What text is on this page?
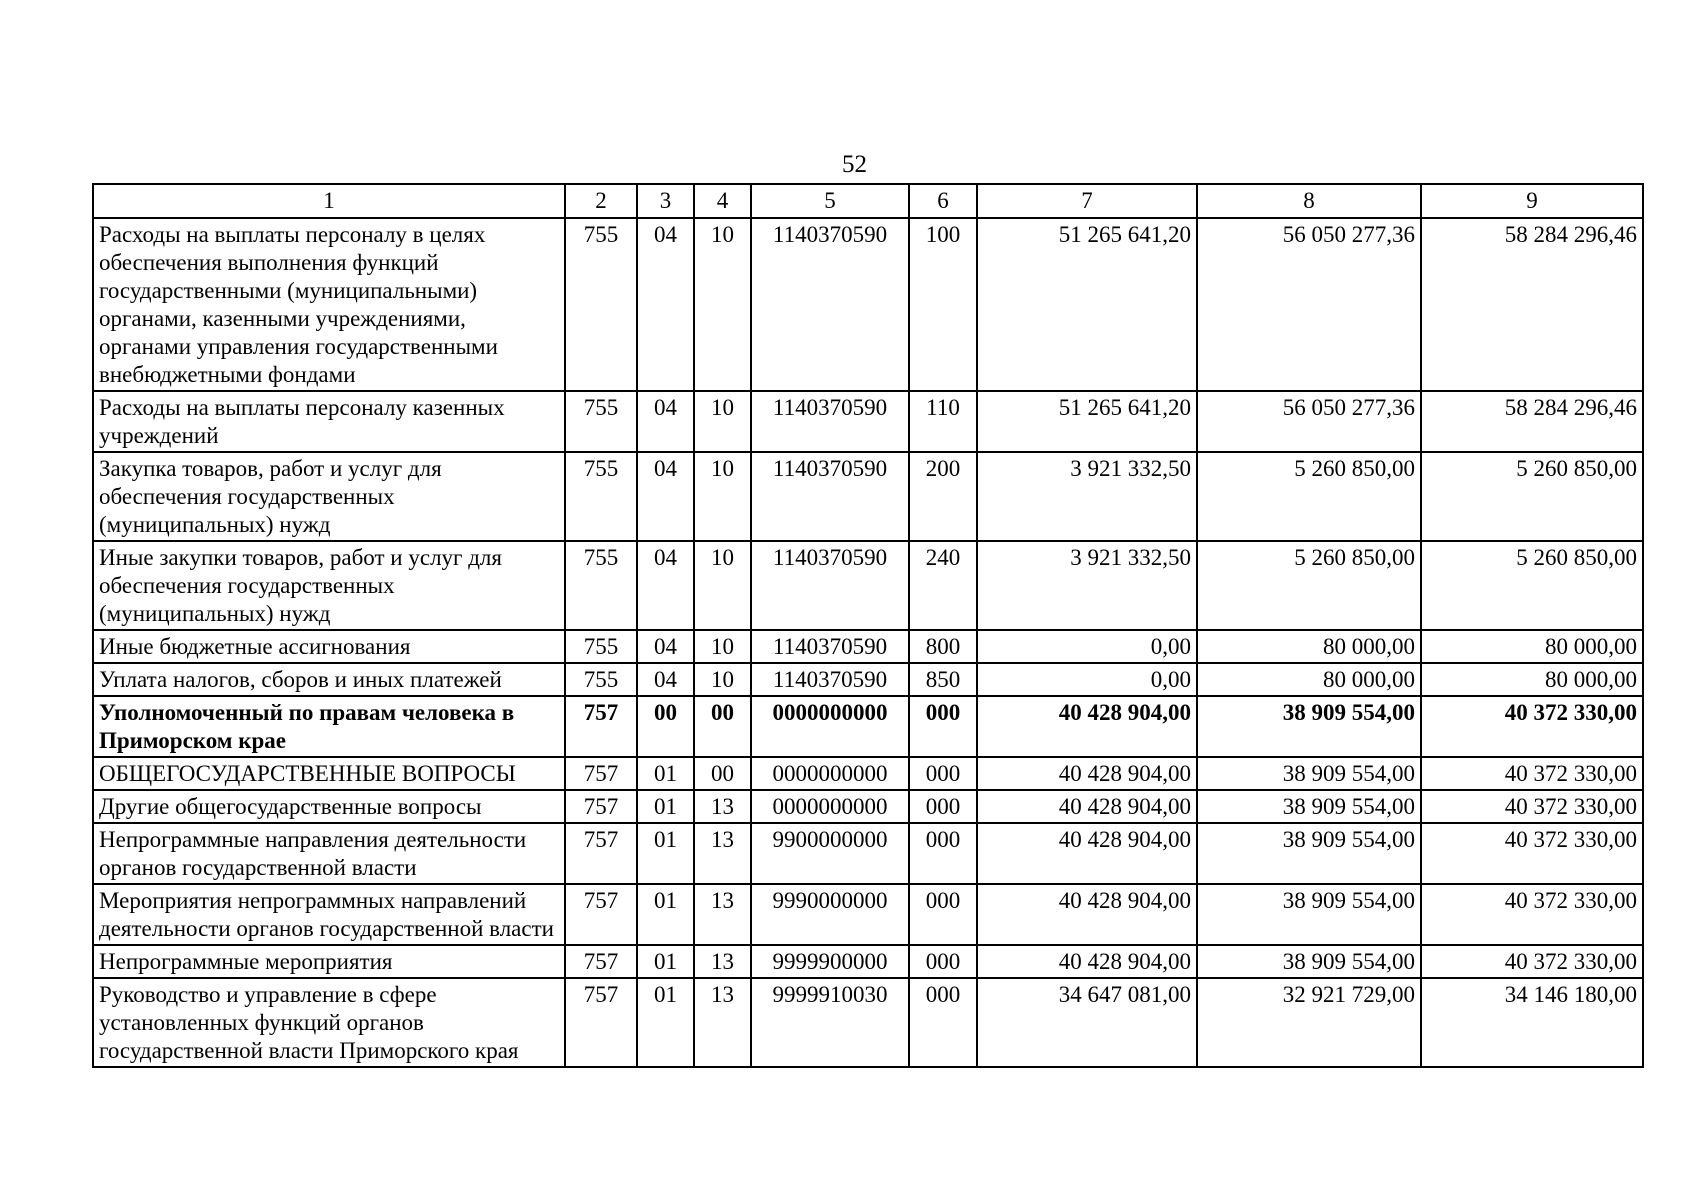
52
1	2	3	4	5	6	7	8	9
Расходы на выплаты персоналу в целях обеспечения выполнения функций государственными (муниципальными) органами, казенными учреждениями, органами управления государственными внебюджетными фондами	755	04	10	1140370590	100	51 265 641,20	56 050 277,36	58 284 296,46
Расходы на выплаты персоналу казенных учреждений	755	04	10	1140370590	110	51 265 641,20	56 050 277,36	58 284 296,46
Закупка товаров, работ и услуг для обеспечения государственных (муниципальных) нужд	755	04	10	1140370590	200	3 921 332,50	5 260 850,00	5 260 850,00
Иные закупки товаров, работ и услуг для обеспечения государственных (муниципальных) нужд	755	04	10	1140370590	240	3 921 332,50	5 260 850,00	5 260 850,00
Иные бюджетные ассигнования	755	04	10	1140370590	800	0,00	80 000,00	80 000,00
Уплата налогов, сборов и иных платежей	755	04	10	1140370590	850	0,00	80 000,00	80 000,00
Уполномоченный по правам человека в Приморском крае	757	00	00	0000000000	000	40 428 904,00	38 909 554,00	40 372 330,00
ОБЩЕГОСУДАРСТВЕННЫЕ ВОПРОСЫ	757	01	00	0000000000	000	40 428 904,00	38 909 554,00	40 372 330,00
Другие общегосударственные вопросы	757	01	13	0000000000	000	40 428 904,00	38 909 554,00	40 372 330,00
Непрограммные направления деятельности органов государственной власти	757	01	13	9900000000	000	40 428 904,00	38 909 554,00	40 372 330,00
Мероприятия непрограммных направлений деятельности органов государственной власти	757	01	13	9990000000	000	40 428 904,00	38 909 554,00	40 372 330,00
Непрограммные мероприятия	757	01	13	9999900000	000	40 428 904,00	38 909 554,00	40 372 330,00
Руководство и управление в сфере установленных функций органов государственной власти Приморского края	757	01	13	9999910030	000	34 647 081,00	32 921 729,00	34 146 180,00
